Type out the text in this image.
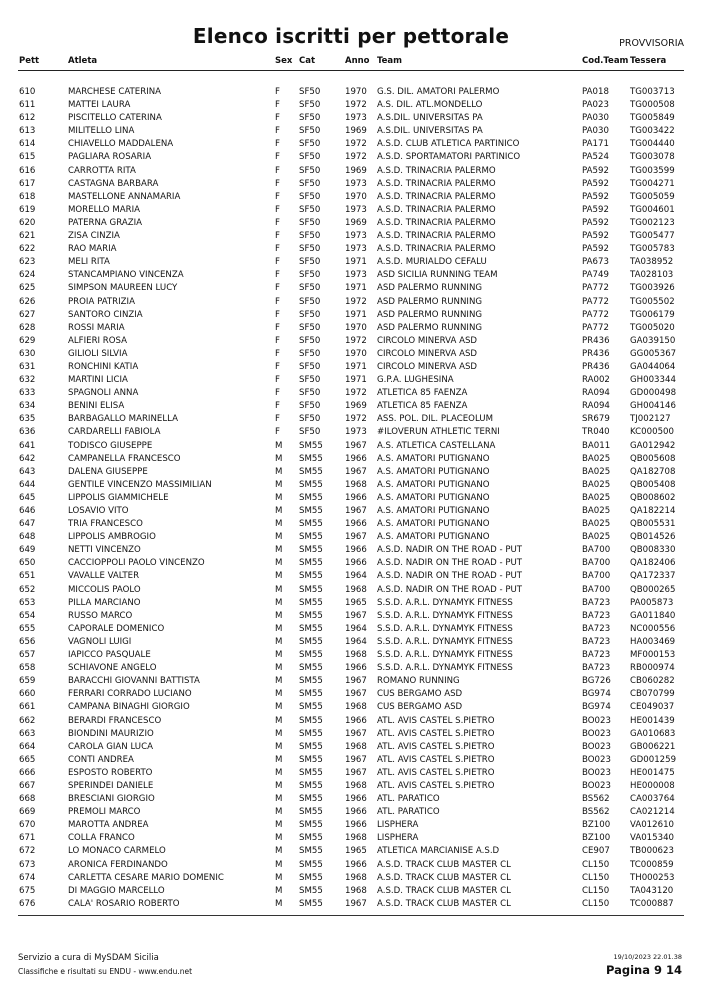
Elenco iscritti per pettorale	PROVVISORIA
Pett	Atleta	Sex Cat	Anno Team	Cod.Team Tessera
610	MARCHESE CATERINA	F SF50	1970 G.S. DIL. AMATORI PALERMO	PA018 TG003713
611	MATTEI LAURA	F SF50	1972 A.S. DIL. ATL.MONDELLO	PA023 TG000508
612	PISCITELLO CATERINA	F SF50	1973 A.S.DIL. UNIVERSITAS PA	PA030 TG005849
613	MILITELLO LINA	F SF50	1969 A.S.DIL. UNIVERSITAS PA	PA030 TG003422
614	CHIAVELLO MADDALENA	F SF50	1972 A.S.D. CLUB ATLETICA PARTINICO	PA171 TG004440
615	PAGLIARA ROSARIA	F SF50	1972 A.S.D. SPORTAMATORI PARTINICO	PA524 TG003078
616	CARROTTA RITA	F SF50	1969 A.S.D. TRINACRIA PALERMO	PA592 TG003599
617	CASTAGNA BARBARA	F SF50	1973 A.S.D. TRINACRIA PALERMO	PA592 TG004271
618	MASTELLONE ANNAMARIA	F SF50	1970 A.S.D. TRINACRIA PALERMO	PA592 TG005059
619	MORELLO MARIA	F SF50	1973 A.S.D. TRINACRIA PALERMO	PA592 TG004601
620	PATERNA GRAZIA	F SF50	1969 A.S.D. TRINACRIA PALERMO	PA592 TG002123
621	ZISA CINZIA	F SF50	1973 A.S.D. TRINACRIA PALERMO	PA592 TG005477
622	RAO MARIA	F SF50	1973 A.S.D. TRINACRIA PALERMO	PA592 TG005783
623	MELI RITA	F SF50	1971 A.S.D. MURIALDO CEFALU	PA673 TA038952
624	STANCAMPIANO VINCENZA	F SF50	1973 ASD SICILIA RUNNING TEAM	PA749 TA028103
625	SIMPSON MAUREEN LUCY	F SF50	1971 ASD PALERMO RUNNING	PA772 TG003926
626	PROIA PATRIZIA	F SF50	1972 ASD PALERMO RUNNING	PA772 TG005502
627	SANTORO CINZIA	F SF50	1971 ASD PALERMO RUNNING	PA772 TG006179
628	ROSSI MARIA	F SF50	1970 ASD PALERMO RUNNING	PA772 TG005020
629	ALFIERI ROSA	F SF50	1972 CIRCOLO MINERVA ASD	PR436 GA039150
630	GILIOLI SILVIA	F SF50	1970 CIRCOLO MINERVA ASD	PR436 GG005367
631	RONCHINI KATIA	F SF50	1971 CIRCOLO MINERVA ASD	PR436 GA044064
632	MARTINI LICIA	F SF50	1971 G.P.A. LUGHESINA	RA002 GH003344
633	SPAGNOLI ANNA	F SF50	1972 ATLETICA 85 FAENZA	RA094 GD000498
634	BENINI ELISA	F SF50	1969 ATLETICA 85 FAENZA	RA094 GH004146
635	BARBAGALLO MARINELLA	F SF50	1972 ASS. POL. DIL. PLACEOLUM	SR679 TJ002127
636	CARDARELLI FABIOLA	F SF50	1973 #ILOVERUN ATHLETIC TERNI	TR040 KC000500
641	TODISCO GIUSEPPE	M SM55	1967 A.S. ATLETICA CASTELLANA	BA011 GA012942
642	CAMPANELLA FRANCESCO	M SM55	1966 A.S. AMATORI PUTIGNANO	BA025 QB005608
643	DALENA GIUSEPPE	M SM55	1967 A.S. AMATORI PUTIGNANO	BA025 QA182708
644	GENTILE VINCENZO MASSIMILIAN	M SM55	1968 A.S. AMATORI PUTIGNANO	BA025 QB005408
645	LIPPOLIS GIAMMICHELE	M SM55	1966 A.S. AMATORI PUTIGNANO	BA025 QB008602
646	LOSAVIO VITO	M SM55	1967 A.S. AMATORI PUTIGNANO	BA025 QA182214
647	TRIA FRANCESCO	M SM55	1966 A.S. AMATORI PUTIGNANO	BA025 QB005531
648	LIPPOLIS AMBROGIO	M SM55	1967 A.S. AMATORI PUTIGNANO	BA025 QB014526
649	NETTI VINCENZO	M SM55	1966 A.S.D. NADIR ON THE ROAD - PUT	BA700 QB008330
650	CACCIOPPOLI PAOLO VINCENZO	M SM55	1966 A.S.D. NADIR ON THE ROAD - PUT	BA700 QA182406
651	VAVALLE VALTER	M SM55	1964 A.S.D. NADIR ON THE ROAD - PUT	BA700 QA172337
652	MICCOLIS PAOLO	M SM55	1968 A.S.D. NADIR ON THE ROAD - PUT	BA700 QB000265
653	PILLA MARCIANO	M SM55	1965 S.S.D. A.R.L. DYNAMYK FITNESS	BA723 PA005873
654	RUSSO MARCO	M SM55	1967 S.S.D. A.R.L. DYNAMYK FITNESS	BA723 GA011840
655	CAPORALE DOMENICO	M SM55	1964 S.S.D. A.R.L. DYNAMYK FITNESS	BA723 NC000556
656	VAGNOLI LUIGI	M SM55	1964 S.S.D. A.R.L. DYNAMYK FITNESS	BA723 HA003469
657	IAPICCO PASQUALE	M SM55	1968 S.S.D. A.R.L. DYNAMYK FITNESS	BA723 MF000153
658	SCHIAVONE ANGELO	M SM55	1966 S.S.D. A.R.L. DYNAMYK FITNESS	BA723 RB000974
659	BARACCHI GIOVANNI BATTISTA	M SM55	1967 ROMANO RUNNING	BG726 CB060282
660	FERRARI CORRADO LUCIANO	M SM55	1967 CUS BERGAMO ASD	BG974 CB070799
661	CAMPANA BINAGHI GIORGIO	M SM55	1968 CUS BERGAMO ASD	BG974 CE049037
662	BERARDI FRANCESCO	M SM55	1966 ATL. AVIS CASTEL S.PIETRO	BO023 HE001439
663	BIONDINI MAURIZIO	M SM55	1967 ATL. AVIS CASTEL S.PIETRO	BO023 GA010683
664	CAROLA GIAN LUCA	M SM55	1968 ATL. AVIS CASTEL S.PIETRO	BO023 GB006221
665	CONTI ANDREA	M SM55	1967 ATL. AVIS CASTEL S.PIETRO	BO023 GD001259
666	ESPOSTO ROBERTO	M SM55	1967 ATL. AVIS CASTEL S.PIETRO	BO023 HE001475
667	SPERINDEI DANIELE	M SM55	1968 ATL. AVIS CASTEL S.PIETRO	BO023 HE000008
668	BRESCIANI GIORGIO	M SM55	1966 ATL. PARATICO	BS562 CA003764
669	PREMOLI MARCO	M SM55	1966 ATL. PARATICO	BS562 CA021214
670	MAROTTA ANDREA	M SM55	1966 LISPHERA	BZ100 VA012610
671	COLLA FRANCO	M SM55	1968 LISPHERA	BZ100 VA015340
672	LO MONACO CARMELO	M SM55	1965 ATLETICA MARCIANISE A.S.D	CE907 TB000623
673	ARONICA FERDINANDO	M SM55	1966 A.S.D. TRACK CLUB MASTER CL	CL150 TC000859
674	CARLETTA CESARE MARIO DOMENIC	M SM55	1968 A.S.D. TRACK CLUB MASTER CL	CL150 TH000253
675	DI MAGGIO MARCELLO	M SM55	1968 A.S.D. TRACK CLUB MASTER CL	CL150 TA043120
676	CALA' ROSARIO ROBERTO	M SM55	1967 A.S.D. TRACK CLUB MASTER CL	CL150 TC000887
Servizio a cura di MySDAM Sicilia
Classifiche e risultati su ENDU - www.endu.net
19/10/2023 22.01.38
Pagina 9 14
